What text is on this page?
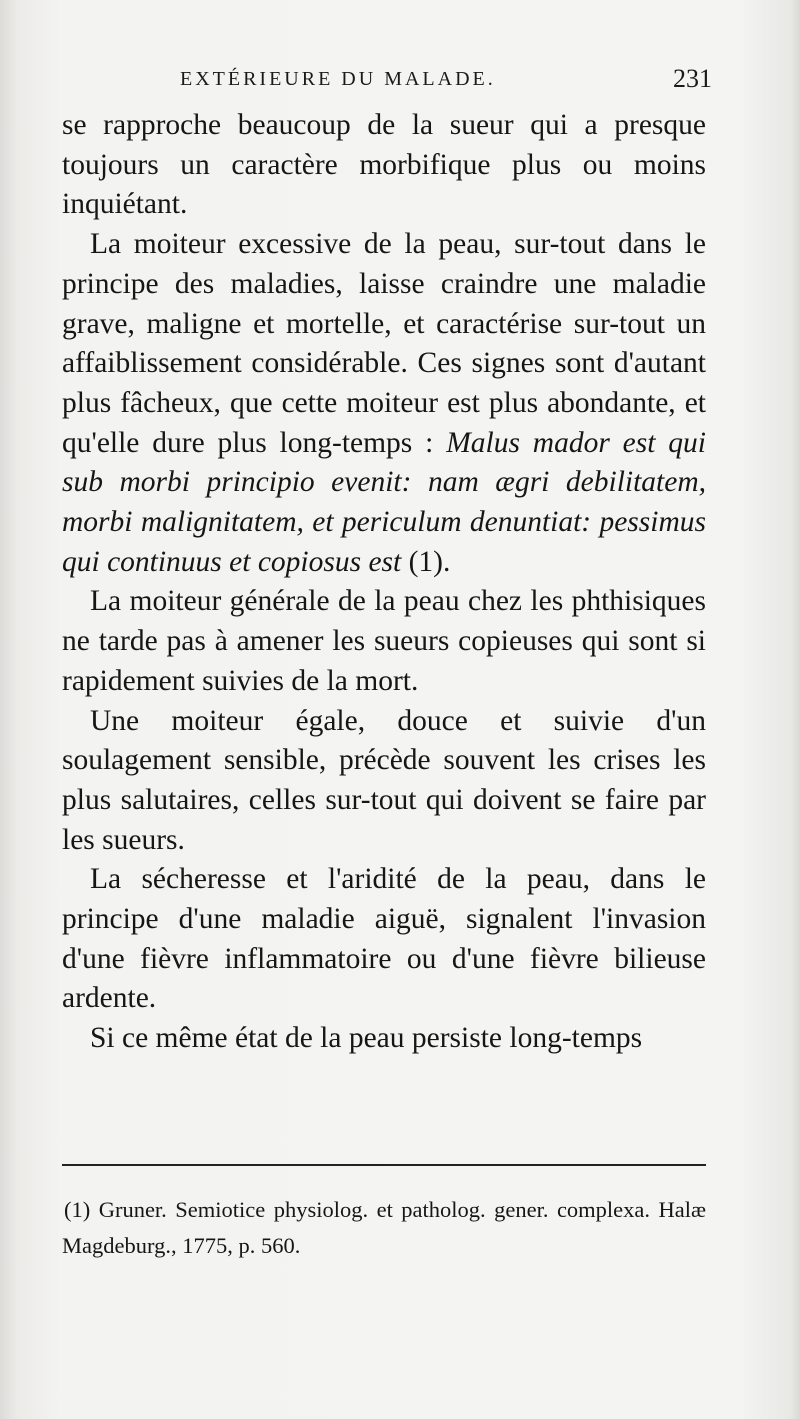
EXTÉRIEURE DU MALADE.	231

se rapproche beaucoup de la sueur qui a presque toujours un caractère morbifique plus ou moins inquiétant.

La moiteur excessive de la peau, sur-tout dans le principe des maladies, laisse craindre une maladie grave, maligne et mortelle, et caractérise sur-tout un affaiblissement considérable. Ces signes sont d'autant plus fâcheux, que cette moiteur est plus abondante, et qu'elle dure plus long-temps : Malus mador est qui sub morbi principio evenit: nam ægri debilitatem, morbi malignitatem, et periculum denuntiat: pessimus qui continuus et copiosus est (1).

La moiteur générale de la peau chez les phthisiques ne tarde pas à amener les sueurs copieuses qui sont si rapidement suivies de la mort.

Une moiteur égale, douce et suivie d'un soulagement sensible, précède souvent les crises les plus salutaires, celles sur-tout qui doivent se faire par les sueurs.

La sécheresse et l'aridité de la peau, dans le principe d'une maladie aiguë, signalent l'invasion d'une fièvre inflammatoire ou d'une fièvre bilieuse ardente.

Si ce même état de la peau persiste long-temps

(1) Gruner. Semiotice physiolog. et patholog. gener. complexa. Halæ Magdeburg., 1775, p. 560.
